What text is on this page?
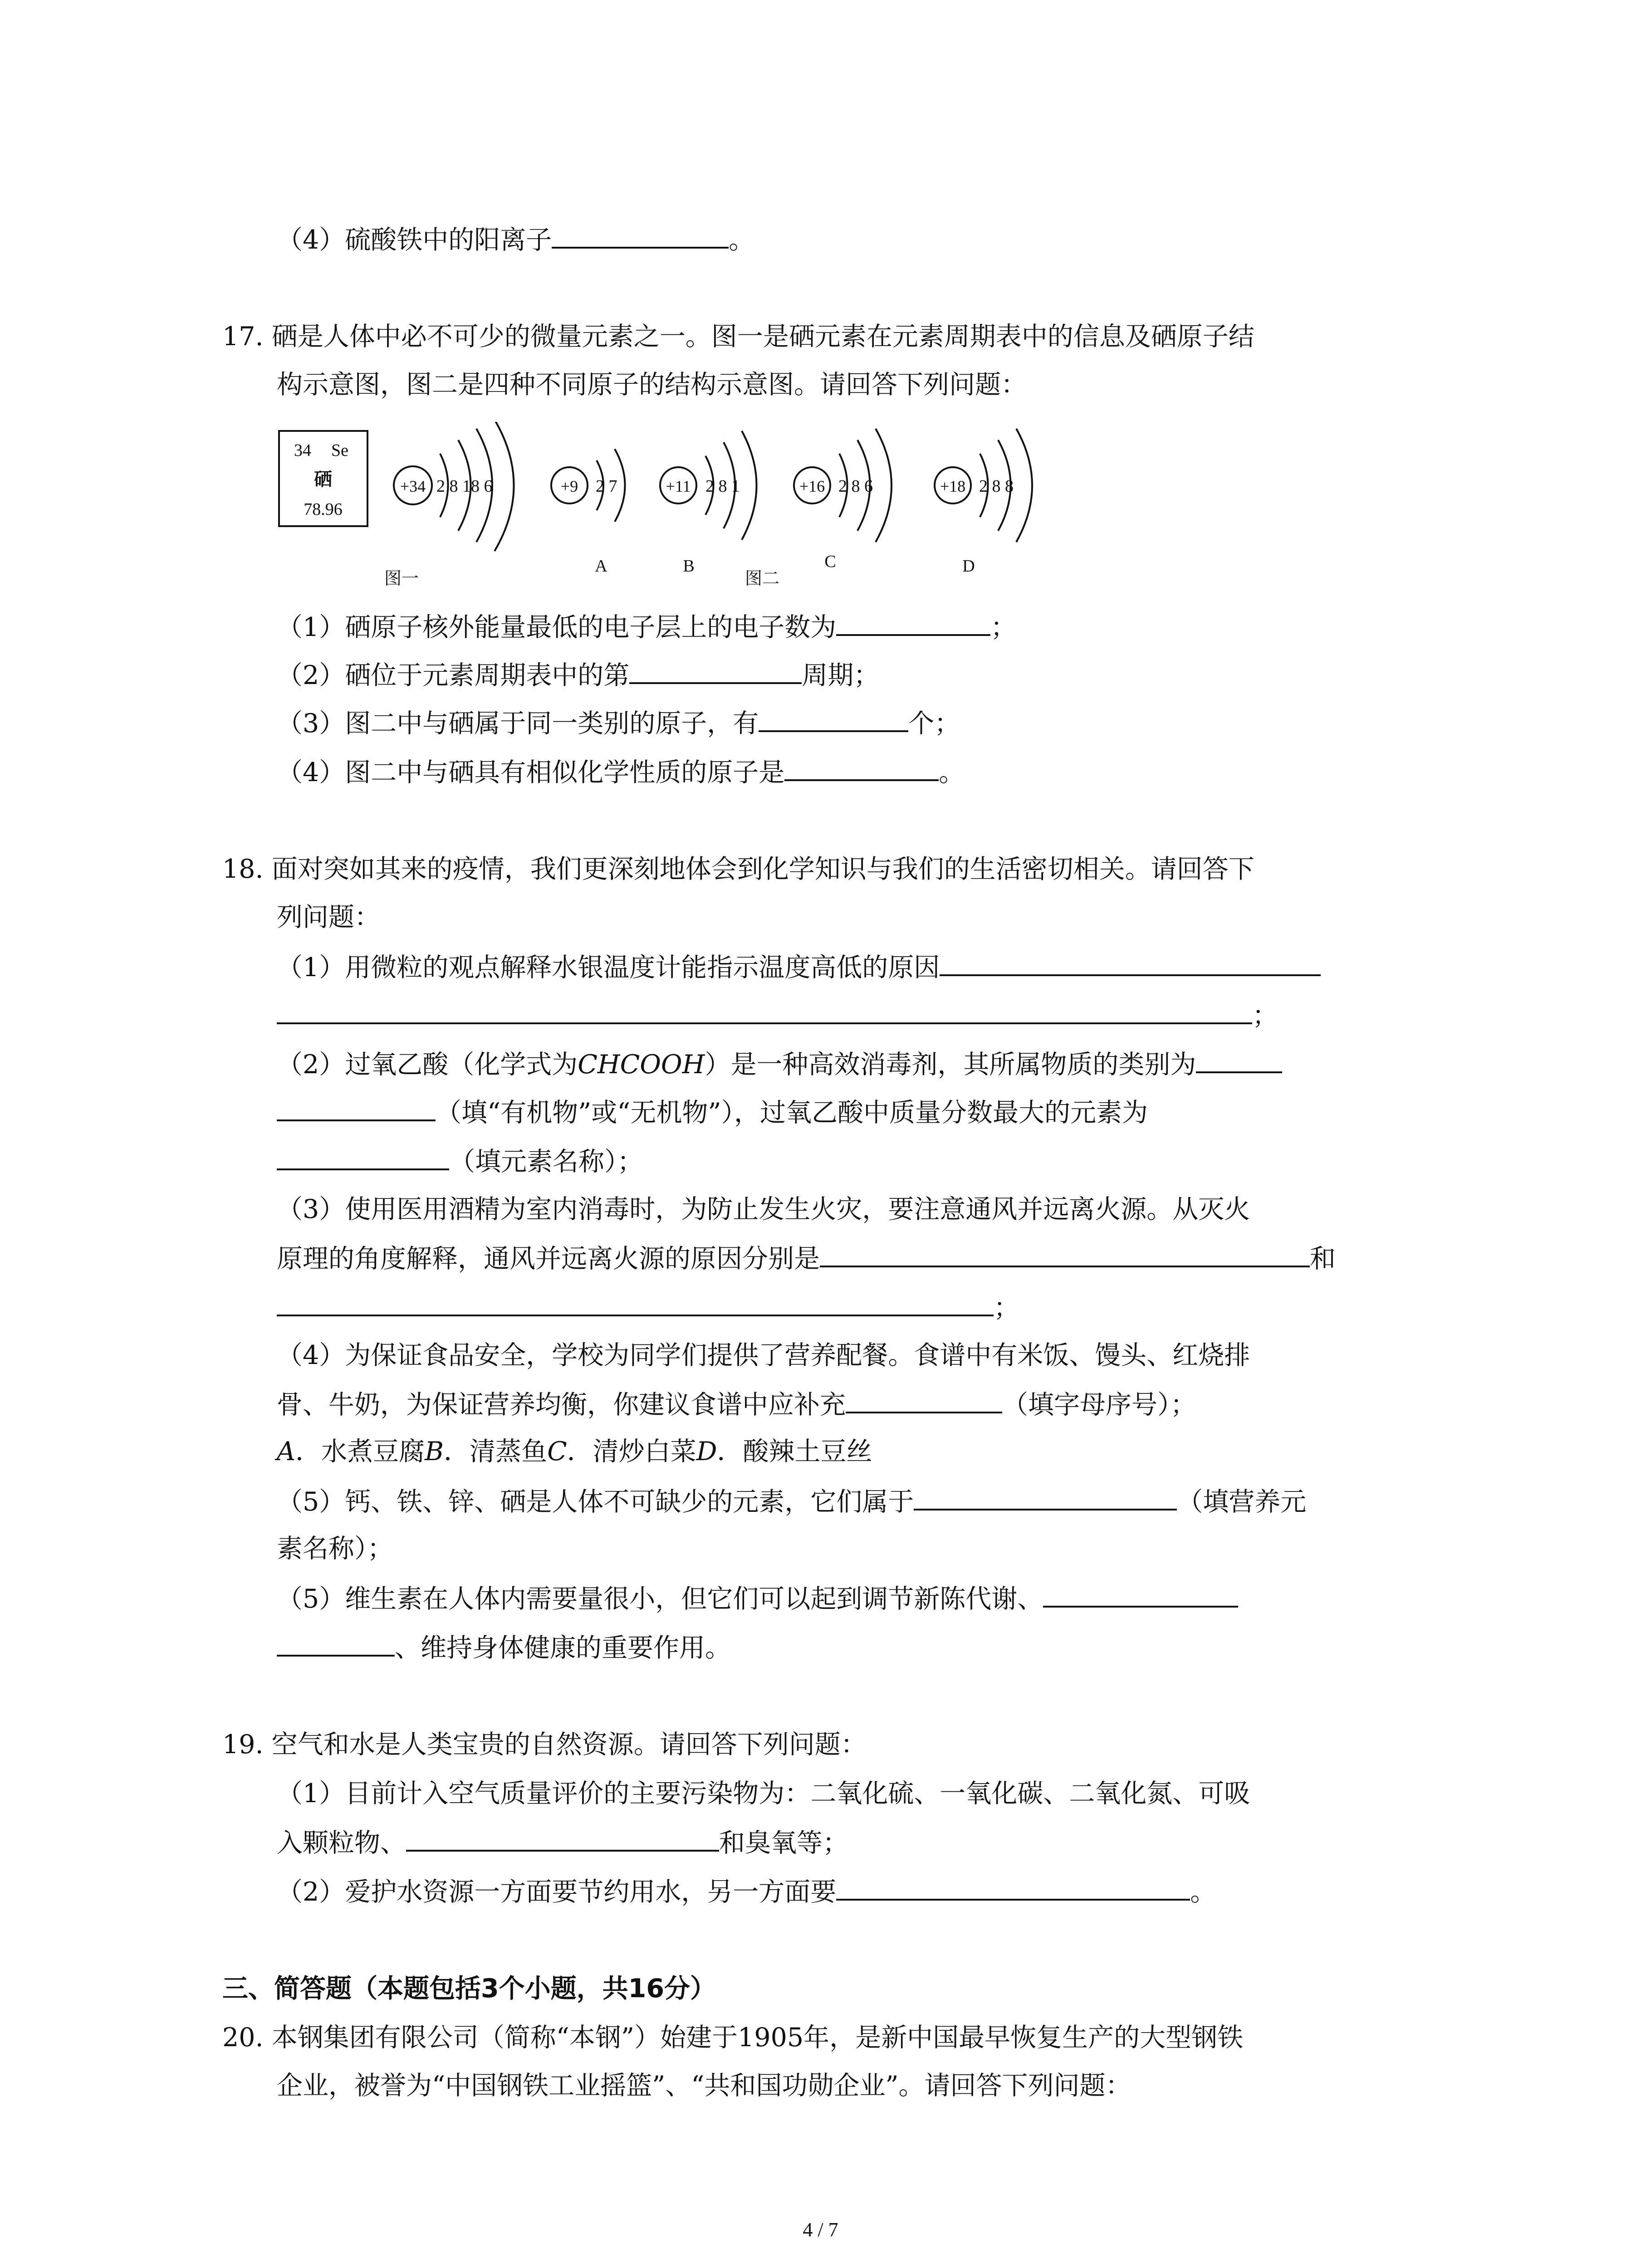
（4）硫酸铁中的阳离子	。
17. 硒是人体中必不可少的微量元素之一。图一是硒元素在元素周期表中的信息及硒原子结
构示意图，图二是四种不同原子的结构示意图。请回答下列问题：
34 Se
硒
78.96
+34 2 8 18 6	+9 2 7
A
+11 2 8 1
B
+16 2 8 6
C
+18 2 8 8
D
图一	图二
（1）硒原子核外能量最低的电子层上的电子数为	；
（2）硒位于元素周期表中的第	周期；
（3）图二中与硒属于同一类别的原子，有	个；
（4）图二中与硒具有相似化学性质的原子是	。
18. 面对突如其来的疫情，我们更深刻地体会到化学知识与我们的生活密切相关。请回答下
列问题：
（1）用微粒的观点解释水银温度计能指示温度高低的原因
；
（2）过氧乙酸（化学式为CHCOOH）是一种高效消毒剂，其所属物质的类别为
（填“有机物”或“无机物”），过氧乙酸中质量分数最大的元素为
（填元素名称）；
（3）使用医用酒精为室内消毒时，为防止发生火灾，要注意通风并远离火源。从灭火
原理的角度解释，通风并远离火源的原因分别是	和
；
（4）为保证食品安全，学校为同学们提供了营养配餐。食谱中有米饭、馒头、红烧排
骨、牛奶，为保证营养均衡，你建议食谱中应补充	（填字母序号）；
A．水煮豆腐B．清蒸鱼C．清炒白菜D．酸辣土豆丝
（5）钙、铁、锌、硒是人体不可缺少的元素，它们属于	（填营养元
素名称）；
（5）维生素在人体内需要量很小，但它们可以起到调节新陈代谢、
、维持身体健康的重要作用。
19. 空气和水是人类宝贵的自然资源。请回答下列问题：
（1）目前计入空气质量评价的主要污染物为：二氧化硫、一氧化碳、二氧化氮、可吸
入颗粒物、	和臭氧等；
（2）爱护水资源一方面要节约用水，另一方面要	。
三、简答题（本题包括3个小题，共16分）
20. 本钢集团有限公司（简称“本钢”）始建于1905年，是新中国最早恢复生产的大型钢铁
企业，被誉为“中国钢铁工业摇篮”、“共和国功勋企业”。请回答下列问题：
4 / 7
